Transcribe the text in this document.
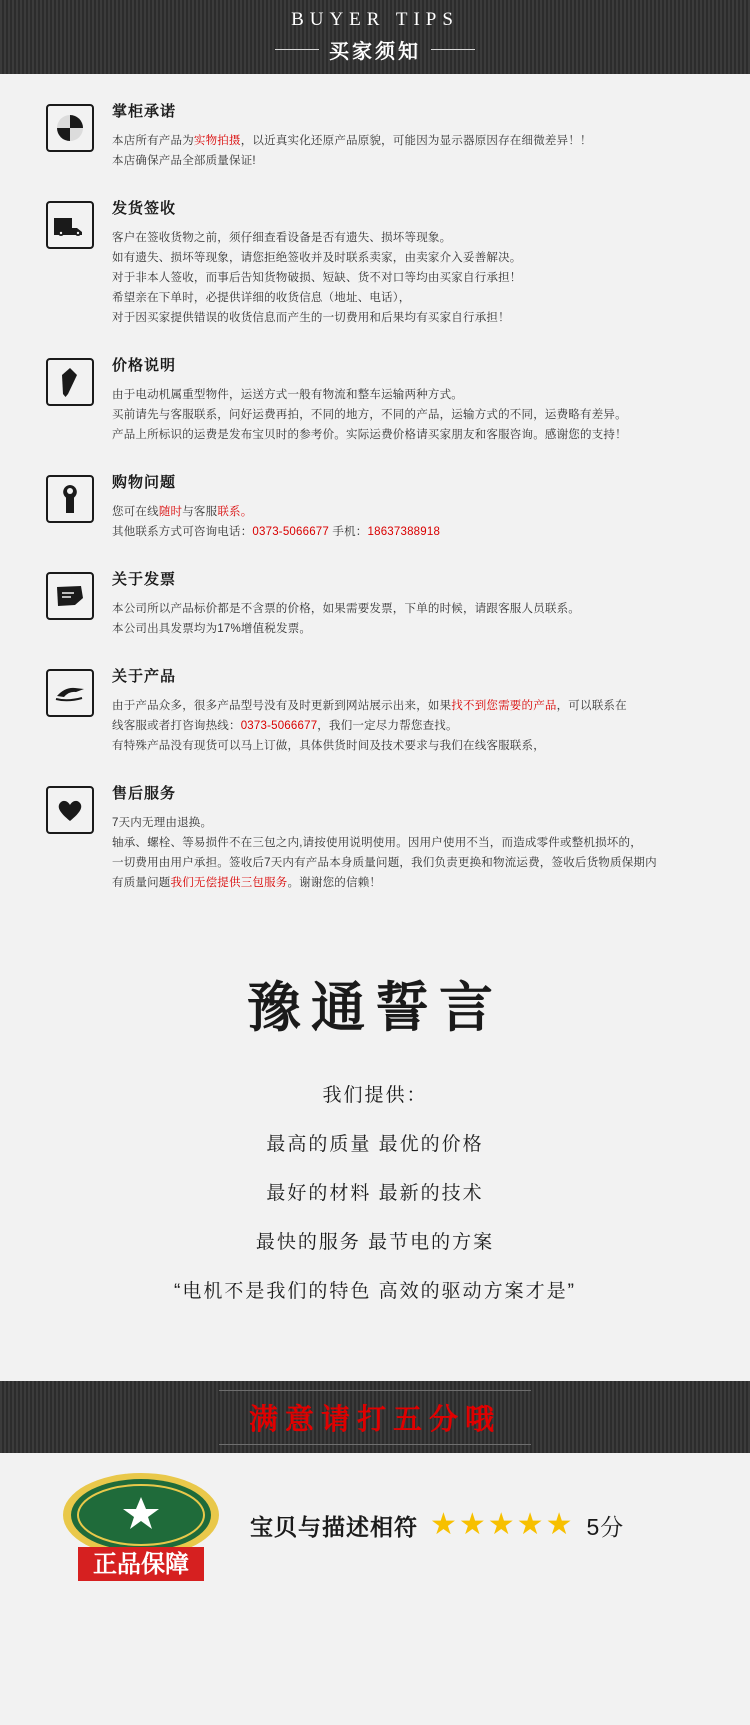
BUYER TIPS
买家须知
掌柜承诺

本店所有产品为实物拍摄，以近真实化还原产品原貌，可能因为显示器原因存在细微差异！！

本店确保产品全部质量保证!

发货签收

客户在签收货物之前，须仔细查看设备是否有遗失、损坏等现象。

如有遗失、损坏等现象，请您拒绝签收并及时联系卖家，由卖家介入妥善解决。

对于非本人签收，而事后告知货物破损、短缺、货不对口等均由买家自行承担！

希望亲在下单时，必提供详细的收货信息（地址、电话），

对于因买家提供错误的收货信息而产生的一切费用和后果均有买家自行承担！

价格说明

由于电动机属重型物件，运送方式一般有物流和整车运输两种方式。

买前请先与客服联系，问好运费再拍，不同的地方，不同的产品，运输方式的不同，运费略有差异。

产品上所标识的运费是发布宝贝时的参考价。实际运费价格请买家朋友和客服咨询。感谢您的支持！

购物问题

您可在线随时与客服联系。

其他联系方式可咨询电话：0373-5066677 手机：18637388918

关于发票

本公司所以产品标价都是不含票的价格，如果需要发票，下单的时候，请跟客服人员联系。

本公司出具发票均为17%增值税发票。

关于产品

由于产品众多，很多产品型号没有及时更新到网站展示出来，如果找不到您需要的产品，可以联系在

线客服或者打咨询热线：0373-5066677，我们一定尽力帮您查找。

有特殊产品没有现货可以马上订做，具体供货时间及技术要求与我们在线客服联系，

售后服务

7天内无理由退换。

轴承、螺栓、等易损件不在三包之内,请按使用说明使用。因用户使用不当，而造成零件或整机损坏的，

一切费用由用户承担。签收后7天内有产品本身质量问题，我们负责更换和物流运费，签收后货物质保期内

有质量问题我们无偿提供三包服务。谢谢您的信赖！

豫通誓言
我们提供：
最高的质量 最优的价格
最好的材料 最新的技术
最快的服务 最节电的方案
“电机不是我们的特色 高效的驱动方案才是”
满意请打五分哦
正品保障
宝贝与描述相符 ★★★★★ 5分
